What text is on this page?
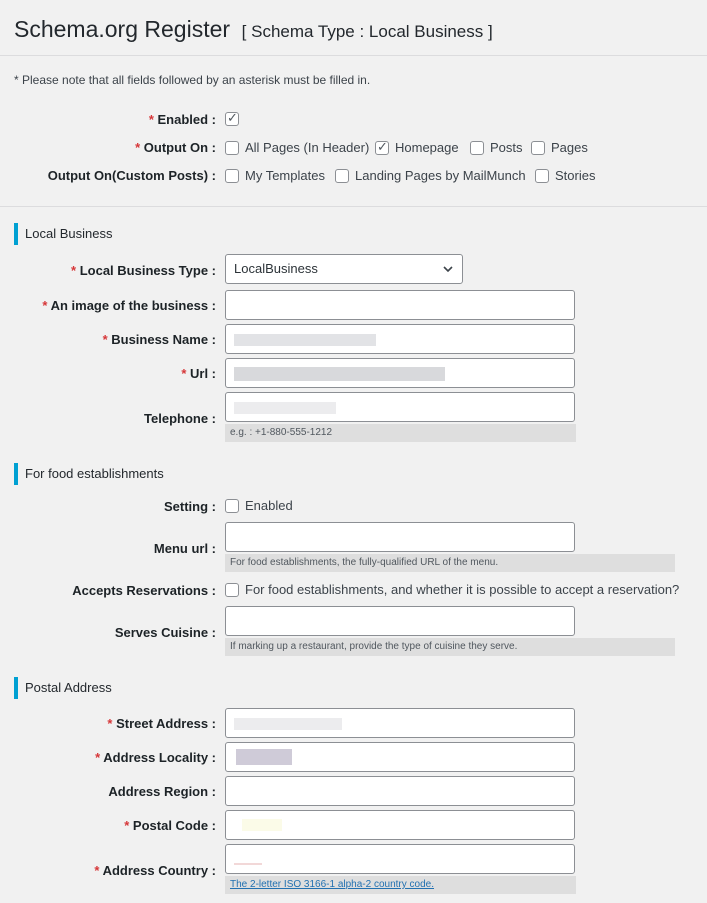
Schema.org Register [ Schema Type : Local Business ]
* Please note that all fields followed by an asterisk must be filled in.
* Enabled : ✓
* Output On : All Pages (In Header) ✓ Homepage Posts Pages
Output On(Custom Posts) : My Templates Landing Pages by MailMunch Stories
Local Business
* Local Business Type :	LocalBusiness
* An image of the business :
* Business Name :
* Url :
Telephone :
e.g. : +1-880-555-1212
For food establishments
Setting : Enabled
Menu url :
For food establishments, the fully-qualified URL of the menu.
Accepts Reservations : For food establishments, and whether it is possible to accept a reservation?
Serves Cuisine :
If marking up a restaurant, provide the type of cuisine they serve.
Postal Address
* Street Address :
* Address Locality :
Address Region :
* Postal Code :
* Address Country :
The 2-letter ISO 3166-1 alpha-2 country code.
